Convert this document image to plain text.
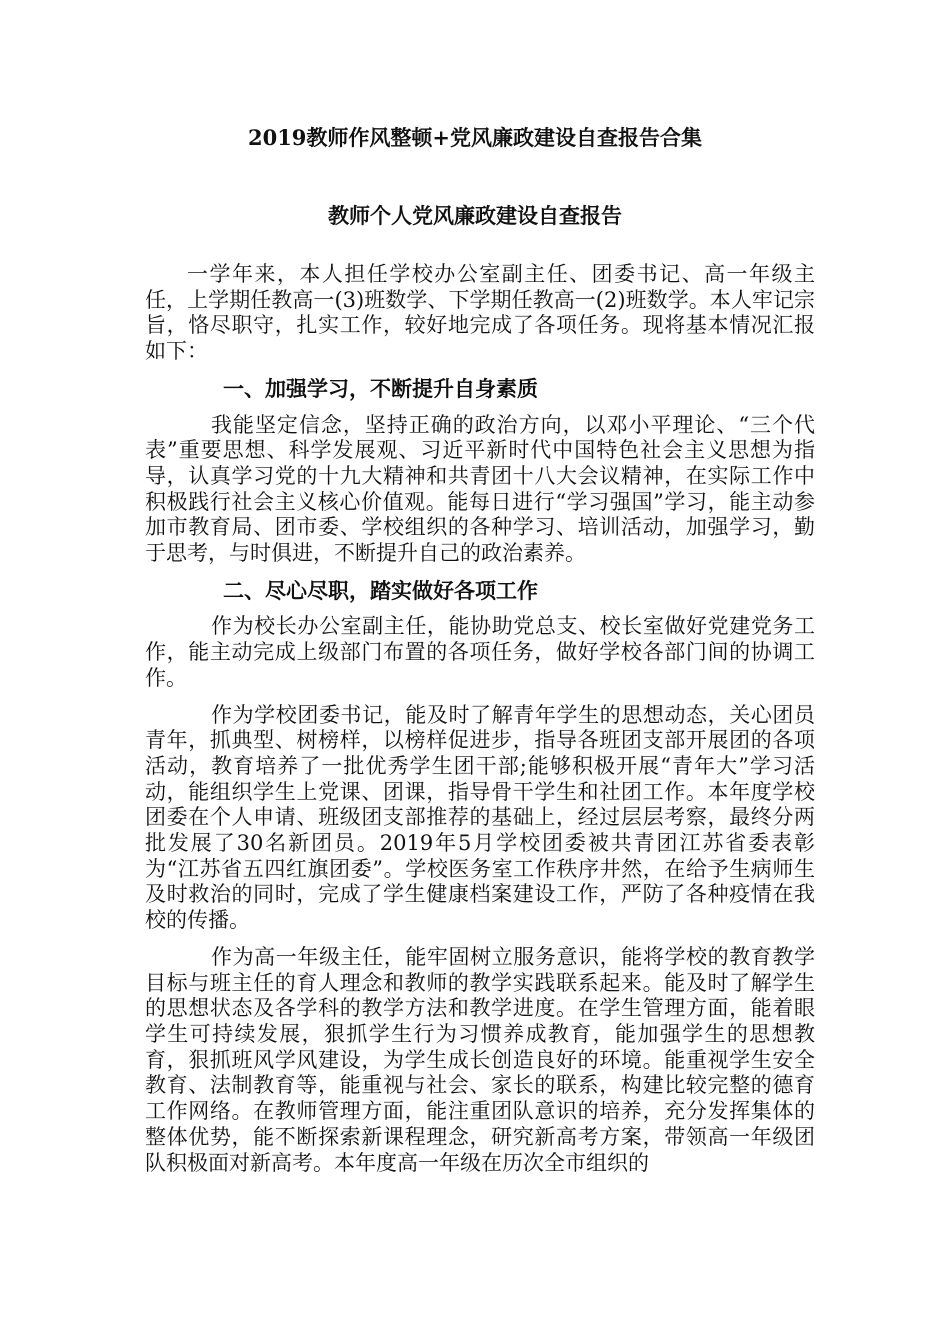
2019教师作风整顿+党风廉政建设自查报告合集
教师个人党风廉政建设自查报告

一学年来，本人担任学校办公室副主任、团委书记、高一年级主任，上学期任教高一(3)班数学、下学期任教高一(2)班数学。本人牢记宗旨，恪尽职守，扎实工作，较好地完成了各项任务。现将基本情况汇报如下：

一、加强学习，不断提升自身素质

我能坚定信念，坚持正确的政治方向，以邓小平理论、“三个代表”重要思想、科学发展观、习近平新时代中国特色社会主义思想为指导，认真学习党的十九大精神和共青团十八大会议精神，在实际工作中积极践行社会主义核心价值观。能每日进行“学习强国”学习，能主动参加市教育局、团市委、学校组织的各种学习、培训活动，加强学习，勤于思考，与时俱进，不断提升自己的政治素养。

二、尽心尽职，踏实做好各项工作

作为校长办公室副主任，能协助党总支、校长室做好党建党务工作，能主动完成上级部门布置的各项任务，做好学校各部门间的协调工作。

作为学校团委书记，能及时了解青年学生的思想动态，关心团员青年，抓典型、树榜样，以榜样促进步，指导各班团支部开展团的各项活动，教育培养了一批优秀学生团干部;能够积极开展“青年大”学习活动，能组织学生上党课、团课，指导骨干学生和社团工作。本年度学校团委在个人申请、班级团支部推荐的基础上，经过层层考察，最终分两批发展了30名新团员。2019年5月学校团委被共青团江苏省委表彰为“江苏省五四红旗团委”。学校医务室工作秩序井然，在给予生病师生及时救治的同时，完成了学生健康档案建设工作，严防了各种疫情在我校的传播。

作为高一年级主任，能牢固树立服务意识，能将学校的教育教学目标与班主任的育人理念和教师的教学实践联系起来。能及时了解学生的思想状态及各学科的教学方法和教学进度。在学生管理方面，能着眼学生可持续发展，狠抓学生行为习惯养成教育，能加强学生的思想教育，狠抓班风学风建设，为学生成长创造良好的环境。能重视学生安全教育、法制教育等，能重视与社会、家长的联系，构建比较完整的德育工作网络。在教师管理方面，能注重团队意识的培养，充分发挥集体的整体优势，能不断探索新课程理念，研究新高考方案，带领高一年级团队积极面对新高考。本年度高一年级在历次全市组织的
